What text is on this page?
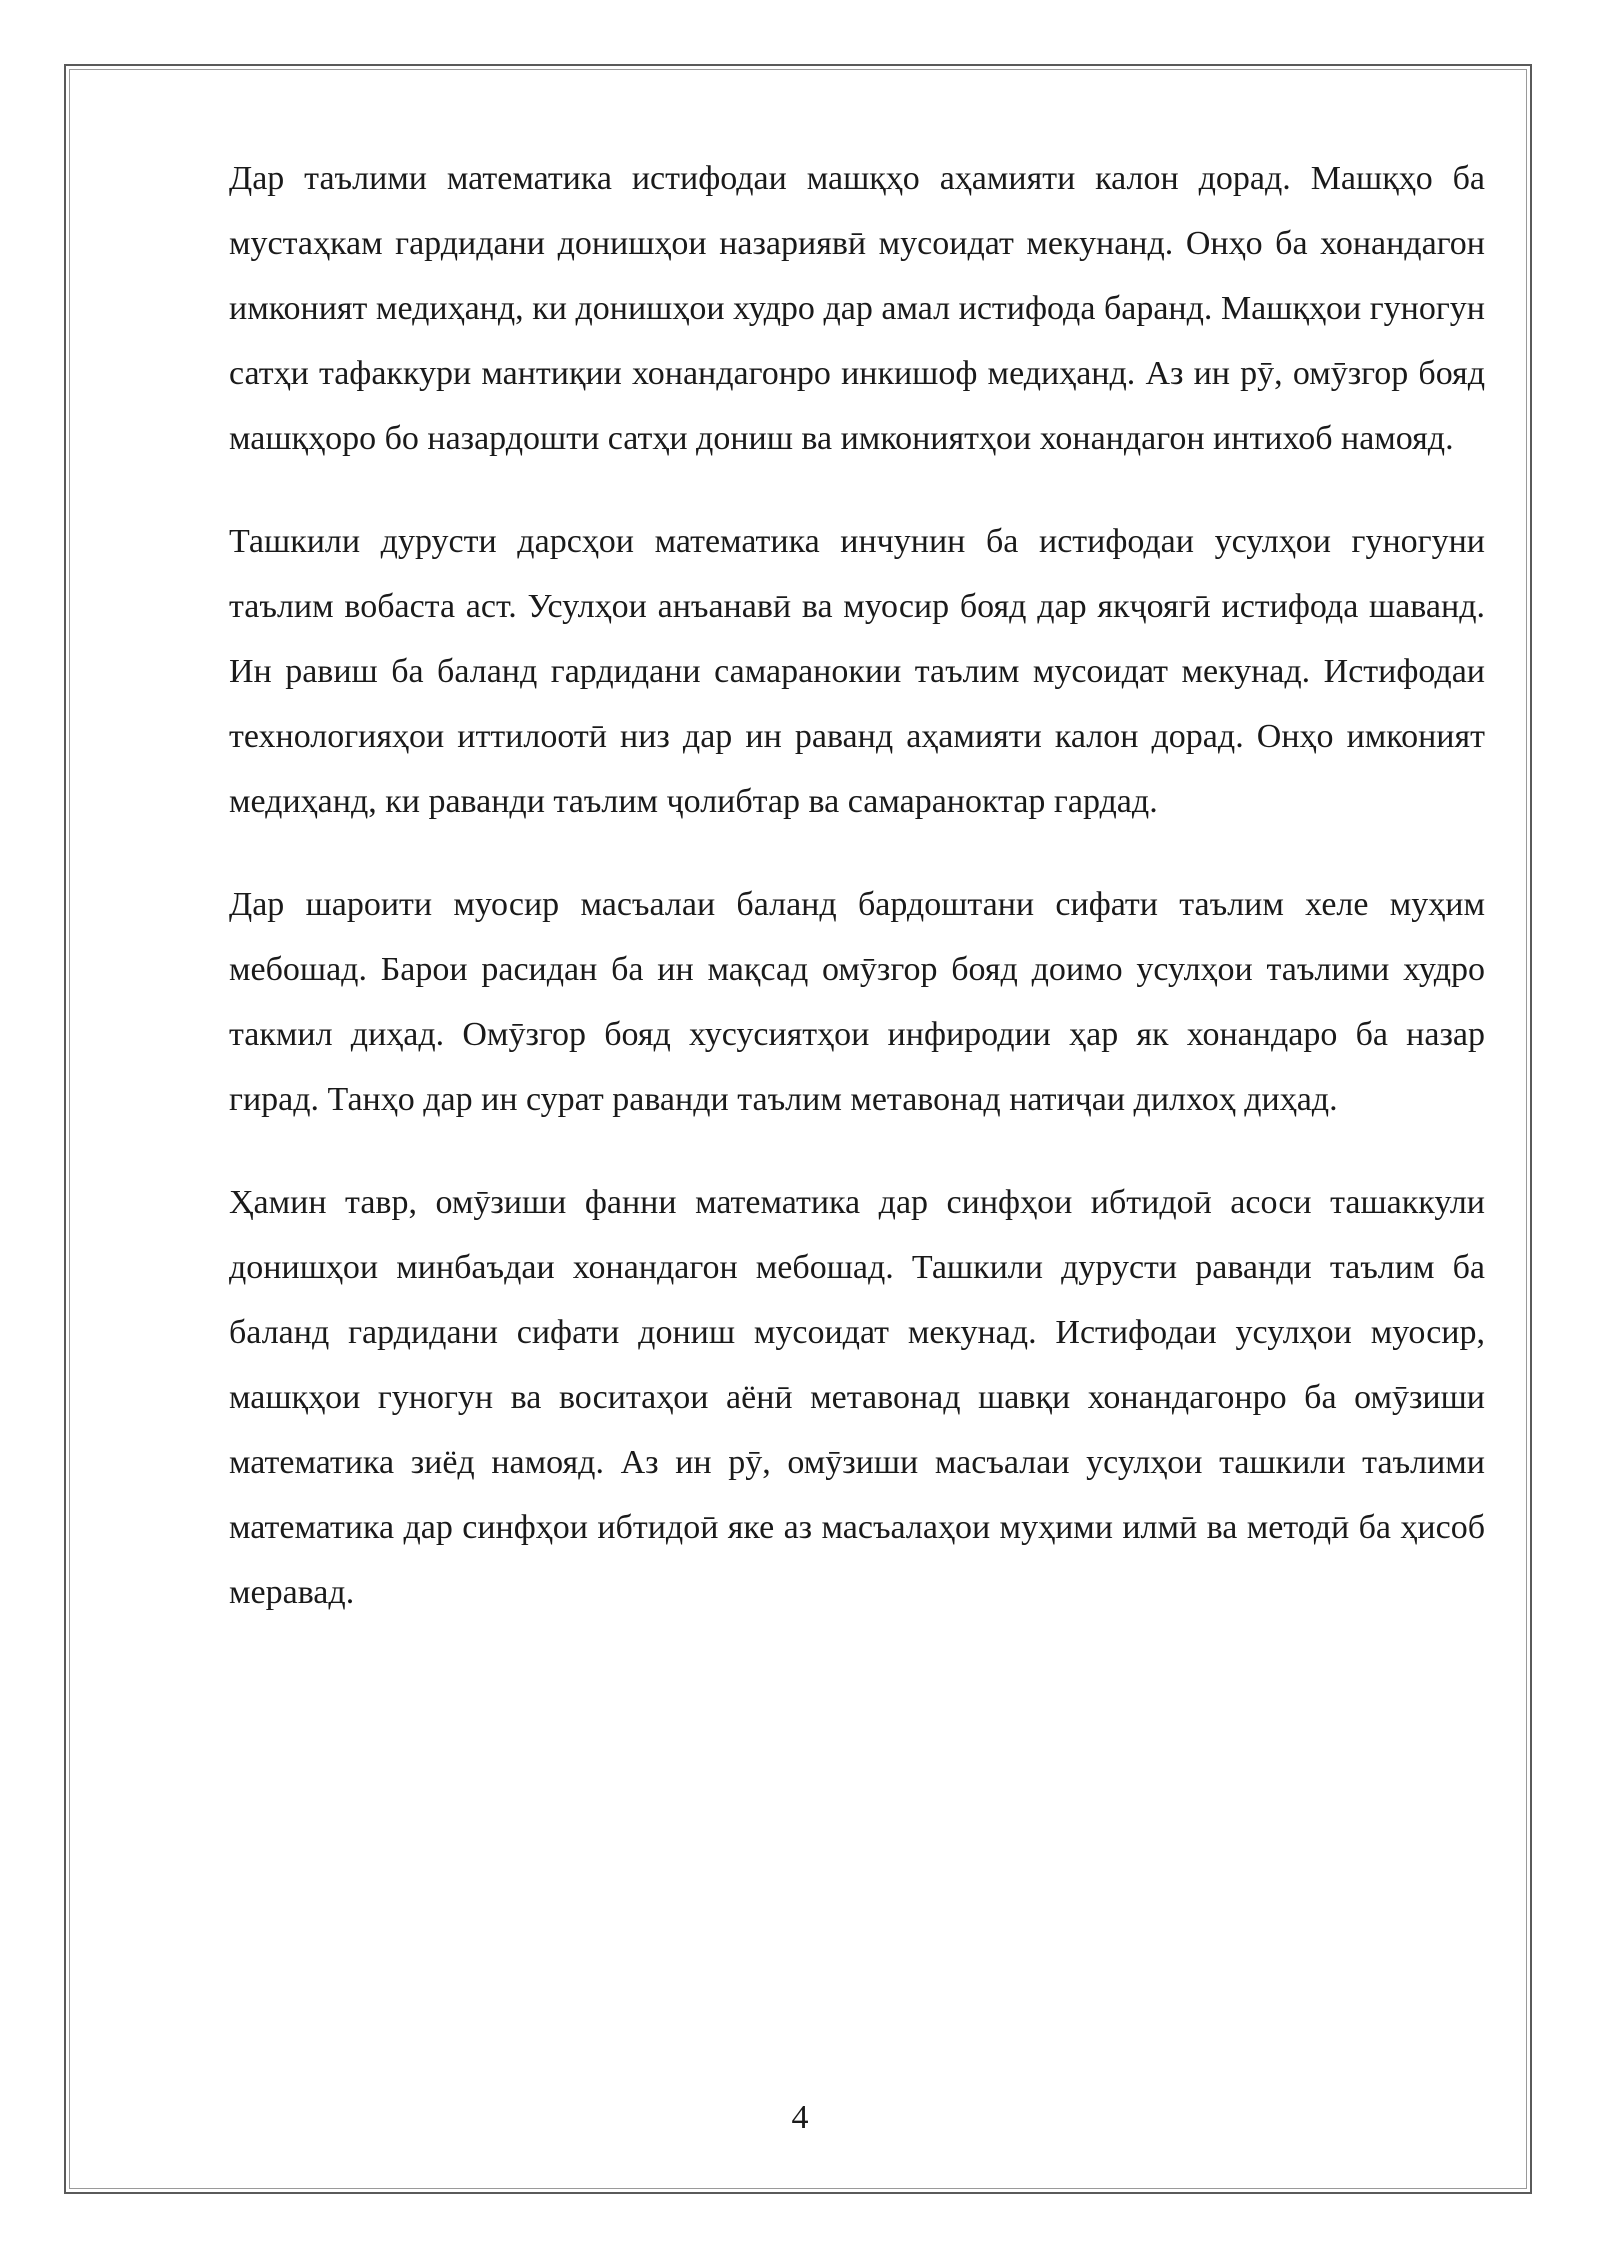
Дар таълими математика истифодаи машқҳо аҳамияти калон дорад. Машқҳо ба мустаҳкам гардидани донишҳои назариявӣ мусоидат мекунанд. Онҳо ба хонандагон имконият медиҳанд, ки донишҳои худро дар амал истифода баранд. Машқҳои гуногун сатҳи тафаккури мантиқии хонандагонро инкишоф медиҳанд. Аз ин рӯ, омӯзгор бояд машқҳоро бо назардошти сатҳи дониш ва имкониятҳои хонандагон интихоб намояд.

Ташкили дурусти дарсҳои математика инчунин ба истифодаи усулҳои гуногуни таълим вобаста аст. Усулҳои анъанавӣ ва муосир бояд дар якҷоягӣ истифода шаванд. Ин равиш ба баланд гардидани самаранокии таълим мусоидат мекунад. Истифодаи технологияҳои иттилоотӣ низ дар ин раванд аҳамияти калон дорад. Онҳо имконият медиҳанд, ки раванди таълим ҷолибтар ва самараноктар гардад.

Дар шароити муосир масъалаи баланд бардоштани сифати таълим хеле муҳим мебошад. Барои расидан ба ин мақсад омӯзгор бояд доимо усулҳои таълими худро такмил диҳад. Омӯзгор бояд хусусиятҳои инфиродии ҳар як хонандаро ба назар гирад. Танҳо дар ин сурат раванди таълим метавонад натиҷаи дилхоҳ диҳад.

Ҳамин тавр, омӯзиши фанни математика дар синфҳои ибтидоӣ асоси ташаккули донишҳои минбаъдаи хонандагон мебошад. Ташкили дурусти раванди таълим ба баланд гардидани сифати дониш мусоидат мекунад. Истифодаи усулҳои муосир, машқҳои гуногун ва воситаҳои аёнӣ метавонад шавқи хонандагонро ба омӯзиши математика зиёд намояд. Аз ин рӯ, омӯзиши масъалаи усулҳои ташкили таълими математика дар синфҳои ибтидоӣ яке аз масъалаҳои муҳими илмӣ ва методӣ ба ҳисоб меравад.

4
